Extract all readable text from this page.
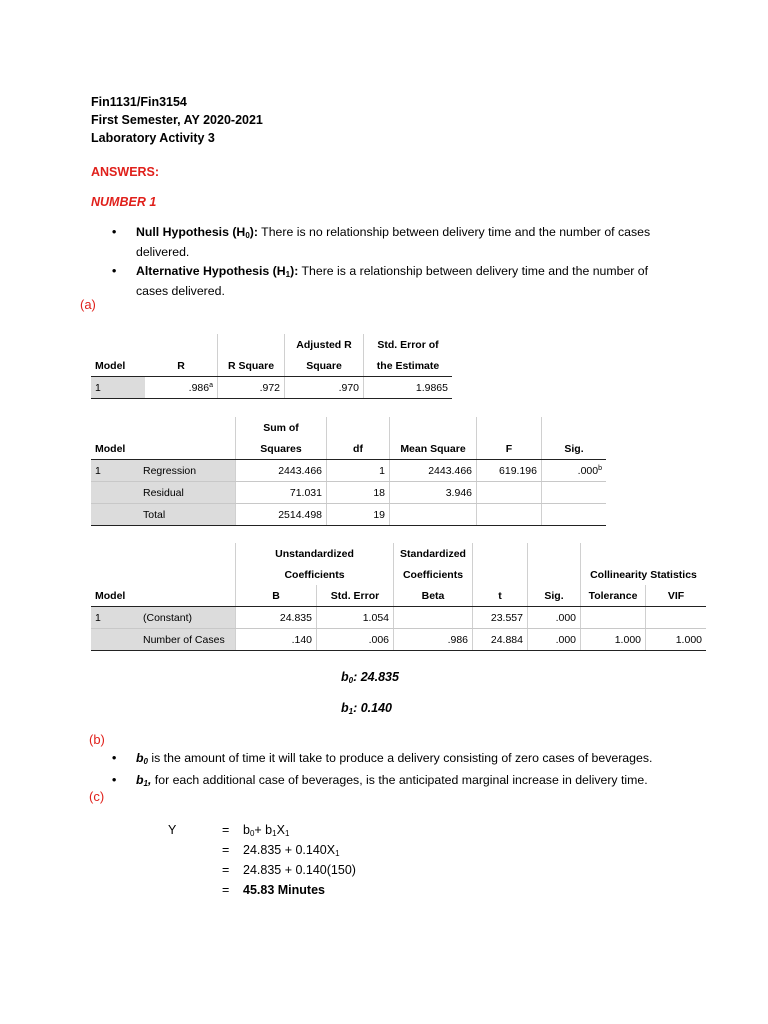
Fin1131/Fin3154
First Semester, AY 2020-2021
Laboratory Activity 3
ANSWERS:
NUMBER 1
• Null Hypothesis $(H_0)$: There is no relationship between delivery time and the number of cases delivered.
• Alternative Hypothesis $(H_1)$: There is a relationship between delivery time and the number of cases delivered.
(a)
			Adjusted R	Std. Error of
Model	R	R Square	Square	the Estimate
1	.986$^a$	.972	.970	1.9865
		Sum of				
Model		Squares	df	Mean Square	F	Sig.
1	Regression	2443.466	1	2443.466	619.196	.000$^b$
	Residual	71.031	18	3.946		
	Total	2514.498	19			
		Unstandardized		Standardized				
		Coefficients		Coefficients			Collinearity Statistics	
Model		B	Std. Error	Beta	t	Sig.	Tolerance	VIF
1	(Constant)	24.835	1.054		23.557	.000		
	Number of Cases	.140	.006	.986	24.884	.000	1.000	1.000
$b_0$: 24.835
$b_1$: 0.140
(b)
• $b_0$ is the amount of time it will take to produce a delivery consisting of zero cases of beverages.
• $b_1$, for each additional case of beverages, is the anticipated marginal increase in delivery time.
(c)
Y	= $b_0+ b_1X_1$
= $24.835 + 0.140X_1$
= 24.835 + 0.140(150)
= 45.83 Minutes
